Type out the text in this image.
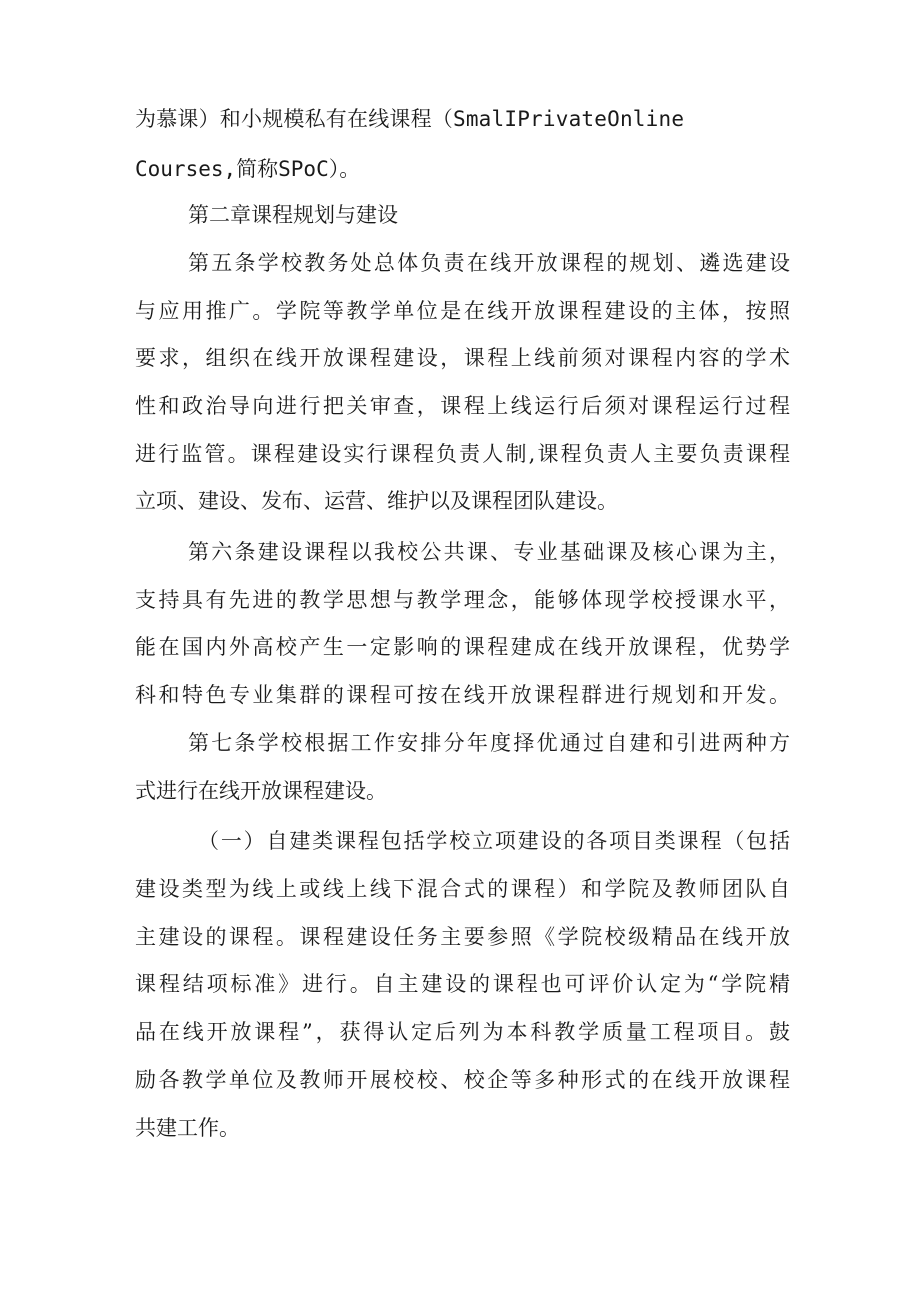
为慕课）和小规模私有在线课程（SmalIPrivateOnline
Courses,简称SPoC）。
第二章课程规划与建设
第五条学校教务处总体负责在线开放课程的规划、遴选建设
与应用推广。学院等教学单位是在线开放课程建设的主体，按照
要求，组织在线开放课程建设，课程上线前须对课程内容的学术
性和政治导向进行把关审查，课程上线运行后须对课程运行过程
进行监管。课程建设实行课程负责人制,课程负责人主要负责课程
立项、建设、发布、运营、维护以及课程团队建设。
第六条建设课程以我校公共课、专业基础课及核心课为主，
支持具有先进的教学思想与教学理念，能够体现学校授课水平，
能在国内外高校产生一定影响的课程建成在线开放课程，优势学
科和特色专业集群的课程可按在线开放课程群进行规划和开发。
第七条学校根据工作安排分年度择优通过自建和引进两种方
式进行在线开放课程建设。
（一）自建类课程包括学校立项建设的各项目类课程（包括
建设类型为线上或线上线下混合式的课程）和学院及教师团队自
主建设的课程。课程建设任务主要参照《学院校级精品在线开放
课程结项标准》进行。自主建设的课程也可评价认定为“学院精
品在线开放课程”，获得认定后列为本科教学质量工程项目。鼓
励各教学单位及教师开展校校、校企等多种形式的在线开放课程
共建工作。
